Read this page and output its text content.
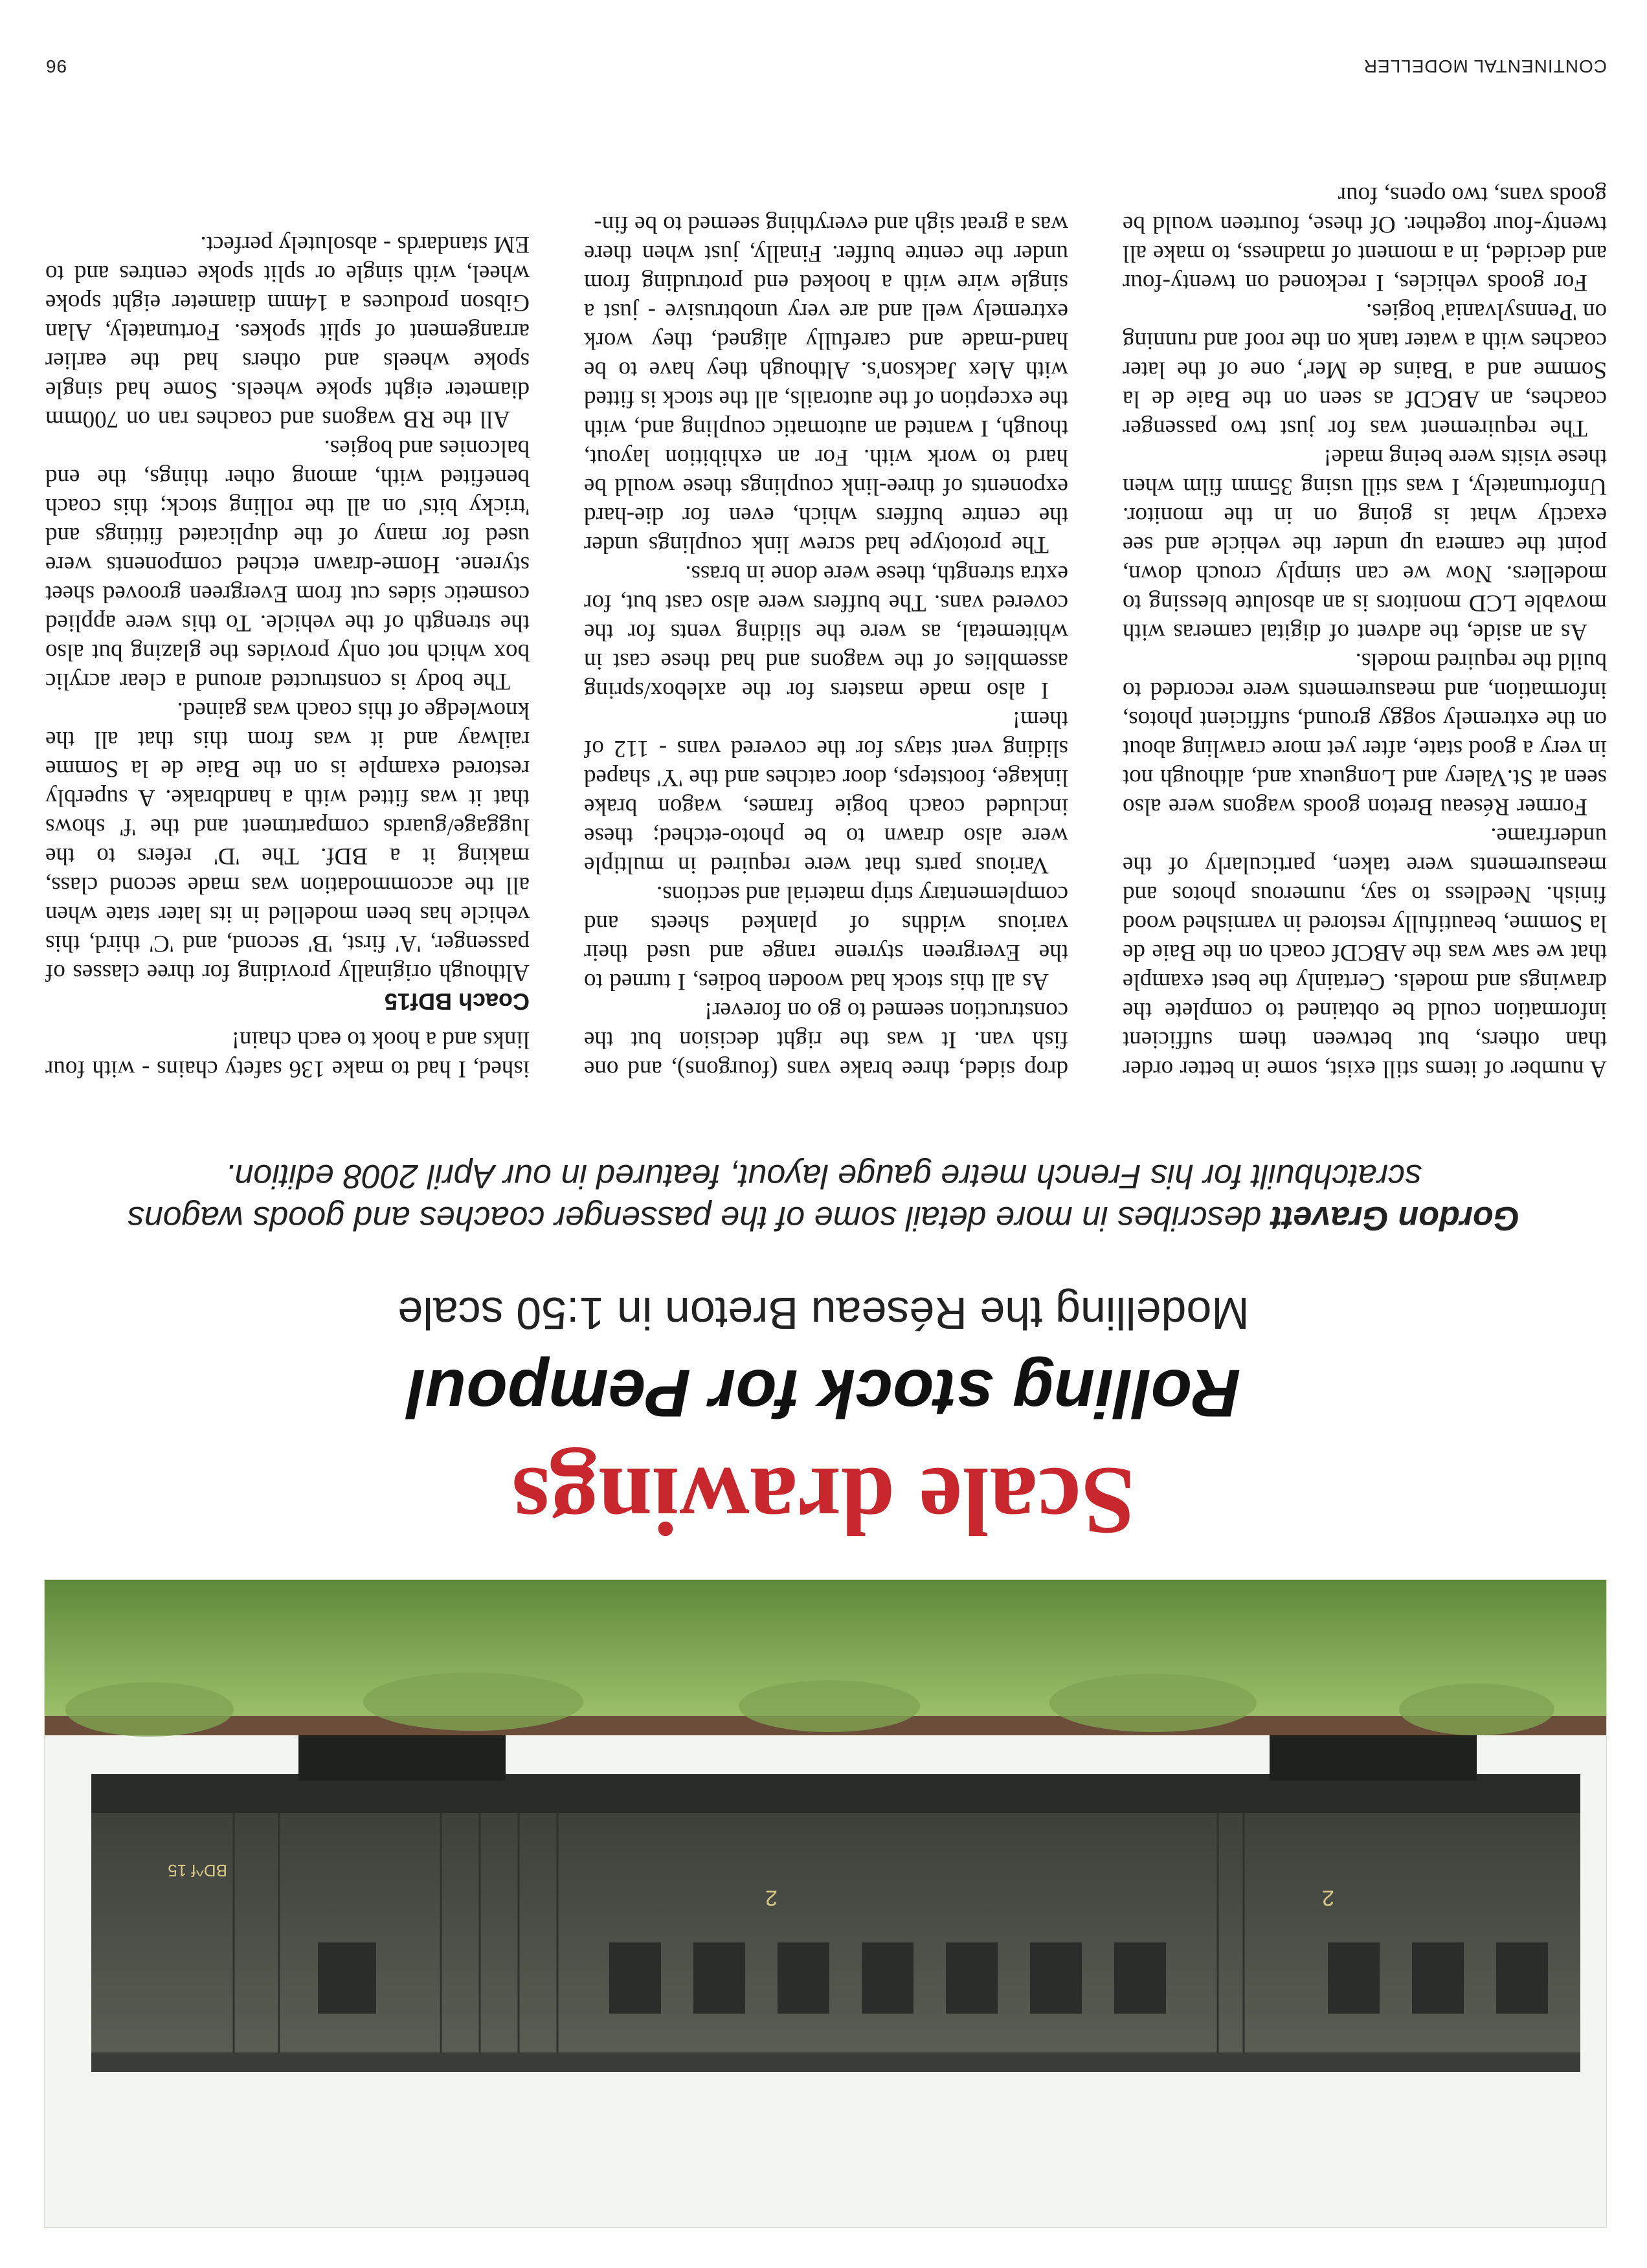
2	2
BD^f 15
Scale drawings
Rolling stock for Pempoul
Modelling the Réseau Breton in 1:50 scale
Gordon Gravett describes in more detail some of the passenger coaches and goods wagons scratchbuilt for his French metre gauge layout, featured in our April 2008 edition.

A number of items still exist, some in better order than others, but between them sufficient information could be obtained to complete the drawings and models. Certainly the best example that we saw was the ABCDf coach on the Baie de la Somme, beautifully restored in varnished wood finish. Needless to say, numerous photos and measurements were taken, particularly of the underframe.

Former Réseau Breton goods wagons were also seen at St.Valery and Longueux and, although not in very a good state, after yet more crawling about on the extremely soggy ground, sufficient photos, information, and measurements were recorded to build the required models.

As an aside, the advent of digital cameras with movable LCD monitors is an absolute blessing to modellers. Now we can simply crouch down, point the camera up under the vehicle and see exactly what is going on in the monitor. Unfortunately, I was still using 35mm film when these visits were being made!

The requirement was for just two passenger coaches, an ABCDf as seen on the Baie de la Somme and a 'Bains de Mer', one of the later coaches with a water tank on the roof and running on 'Pennsylvania' bogies.

For goods vehicles, I reckoned on twenty-four and decided, in a moment of madness, to make all twenty-four together. Of these, fourteen would be goods vans, two opens, four

drop sided, three brake vans (fourgons), and one fish van. It was the right decision but the construction seemed to go on forever!

As all this stock had wooden bodies, I turned to the Evergreen styrene range and used their various widths of planked sheets and complementary strip material and sections.

Various parts that were required in multiple were also drawn to be photo-etched; these included coach bogie frames, wagon brake linkage, footsteps, door catches and the 'Y' shaped sliding vent stays for the covered vans - 112 of them!

I also made masters for the axlebox/spring assemblies of the wagons and had these cast in whitemetal, as were the sliding vents for the covered vans. The buffers were also cast but, for extra strength, these were done in brass.

The prototype had screw link couplings under the centre buffers which, even for die-hard exponents of three-link couplings these would be hard to work with. For an exhibition layout, though, I wanted an automatic coupling and, with the exception of the autorails, all the stock is fitted with Alex Jackson's. Although they have to be hand-made and carefully aligned, they work extremely well and are very unobtrusive - just a single wire with a hooked end protruding from under the centre buffer. Finally, just when there was a great sigh and everything seemed to be fin-

ished, I had to make 136 safety chains - with four links and a hook to each chain!

Coach BDf15

Although originally providing for three classes of passenger, 'A' first, 'B' second, and 'C' third, this vehicle has been modelled in its later state when all the accommodation was made second class, making it a BDf. The 'D' refers to the luggage/guards compartment and the 'f' shows that it was fitted with a handbrake. A superbly restored example is on the Baie de la Somme railway and it was from this that all the knowledge of this coach was gained.

The body is constructed around a clear acrylic box which not only provides the glazing but also the strength of the vehicle. To this were applied cosmetic sides cut from Evergreen grooved sheet styrene. Home-drawn etched components were used for many of the duplicated fittings and 'tricky bits' on all the rolling stock; this coach benefited with, among other things, the end balconies and bogies.

All the RB wagons and coaches ran on 700mm diameter eight spoke wheels. Some had single spoke wheels and others had the earlier arrangement of split spokes. Fortunately, Alan Gibson produces a 14mm diameter eight spoke wheel, with single or split spoke centres and to EM standards - absolutely perfect.

CONTINENTAL MODELLER
96
